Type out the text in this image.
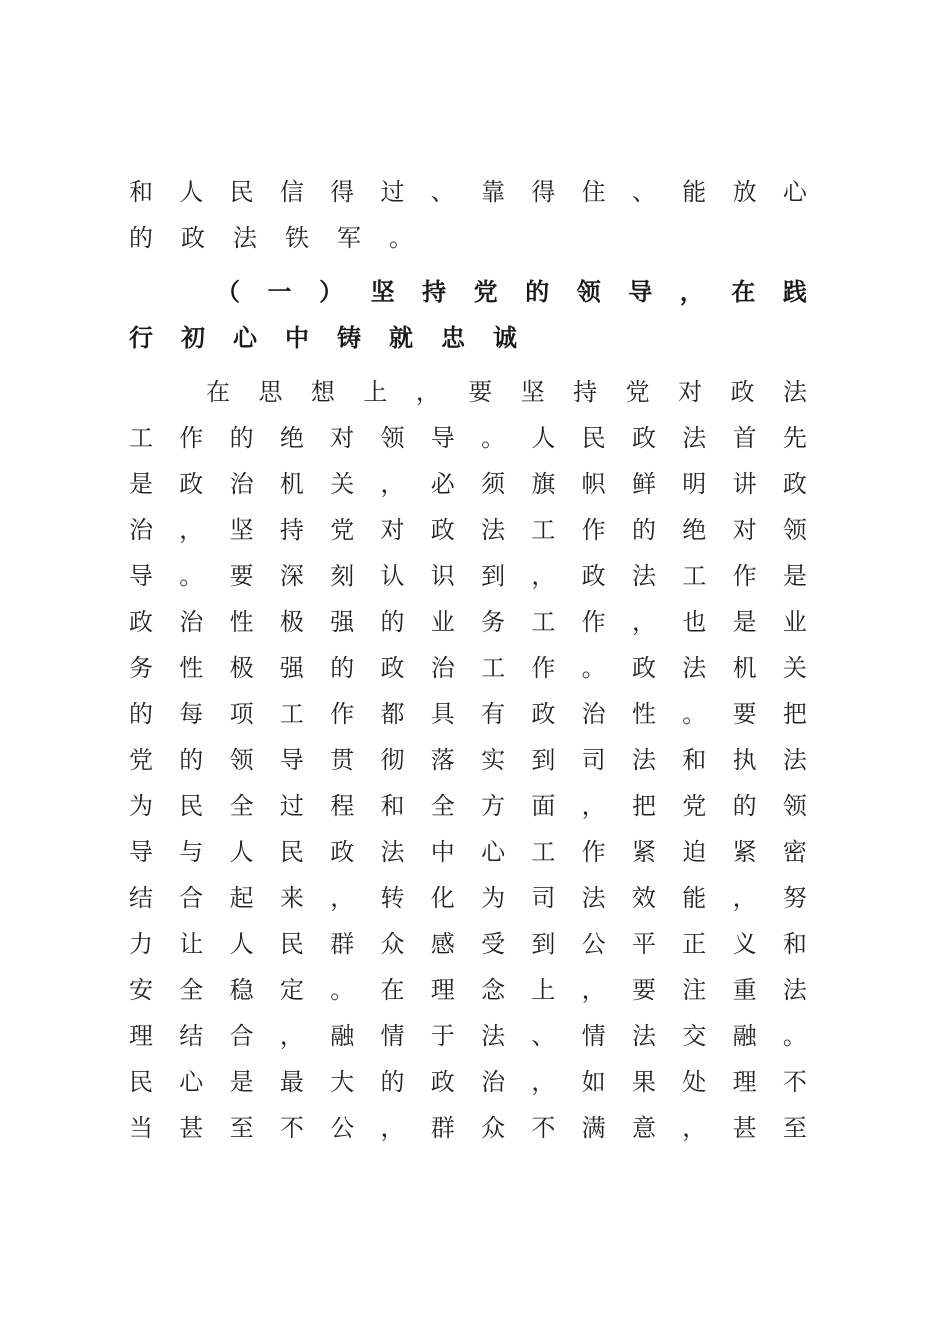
和 人 民 信 得 过 、 靠 得 住 、 能 放 心
的 政 法 铁 军 。
（ 一 ） 坚 持 党 的 领 导 ， 在 践
行 初 心 中 铸 就 忠 诚
在 思 想 上 ， 要 坚 持 党 对 政 法
工 作 的 绝 对 领 导 。 人 民 政 法 首 先
是 政 治 机 关 ， 必 须 旗 帜 鲜 明 讲 政
治 ， 坚 持 党 对 政 法 工 作 的 绝 对 领
导 。 要 深 刻 认 识 到 ， 政 法 工 作 是
政 治 性 极 强 的 业 务 工 作 ， 也 是 业
务 性 极 强 的 政 治 工 作 。 政 法 机 关
的 每 项 工 作 都 具 有 政 治 性 。 要 把
党 的 领 导 贯 彻 落 实 到 司 法 和 执 法
为 民 全 过 程 和 全 方 面 ， 把 党 的 领
导 与 人 民 政 法 中 心 工 作 紧 迫 紧 密
结 合 起 来 ， 转 化 为 司 法 效 能 ， 努
力 让 人 民 群 众 感 受 到 公 平 正 义 和
安 全 稳 定 。 在 理 念 上 ， 要 注 重 法
理 结 合 ， 融 情 于 法 、 情 法 交 融 。
民 心 是 最 大 的 政 治 ， 如 果 处 理 不
当 甚 至 不 公 ， 群 众 不 满 意 ， 甚 至
